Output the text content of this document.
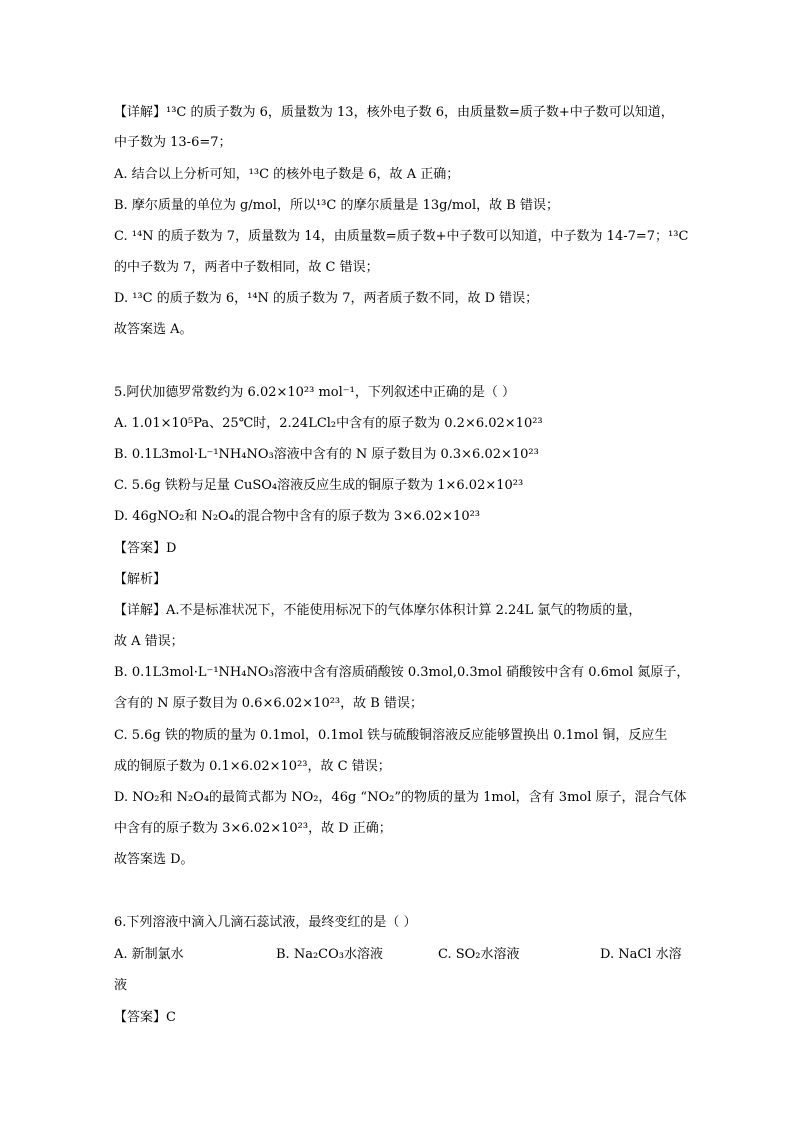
【详解】¹³C 的质子数为 6，质量数为 13，核外电子数 6，由质量数=质子数+中子数可以知道，
中子数为 13-6=7；
A. 结合以上分析可知，¹³C 的核外电子数是 6，故 A 正确；
B. 摩尔质量的单位为 g/mol，所以¹³C 的摩尔质量是 13g/mol，故 B 错误；
C. ¹⁴N 的质子数为 7，质量数为 14，由质量数=质子数+中子数可以知道，中子数为 14-7=7；¹³C
的中子数为 7，两者中子数相同，故 C 错误；
D. ¹³C 的质子数为 6，¹⁴N 的质子数为 7，两者质子数不同，故 D 错误；
故答案选 A。
5.阿伏加德罗常数约为 6.02×10²³ mol⁻¹，下列叙述中正确的是（ ）
A. 1.01×10⁵Pa、25℃时，2.24LCl₂中含有的原子数为 0.2×6.02×10²³
B. 0.1L3mol·L⁻¹NH₄NO₃溶液中含有的 N 原子数目为 0.3×6.02×10²³
C. 5.6g 铁粉与足量 CuSO₄溶液反应生成的铜原子数为 1×6.02×10²³
D. 46gNO₂和 N₂O₄的混合物中含有的原子数为 3×6.02×10²³
【答案】D
【解析】
【详解】A.不是标准状况下，不能使用标况下的气体摩尔体积计算 2.24L 氯气的物质的量，
故 A 错误；
B. 0.1L3mol·L⁻¹NH₄NO₃溶液中含有溶质硝酸铵 0.3mol,0.3mol 硝酸铵中含有 0.6mol 氮原子，
含有的 N 原子数目为 0.6×6.02×10²³，故 B 错误；
C. 5.6g 铁的物质的量为 0.1mol，0.1mol 铁与硫酸铜溶液反应能够置换出 0.1mol 铜，反应生
成的铜原子数为 0.1×6.02×10²³，故 C 错误；
D. NO₂和 N₂O₄的最简式都为 NO₂，46g “NO₂”的物质的量为 1mol，含有 3mol 原子，混合气体
中含有的原子数为 3×6.02×10²³，故 D 正确；
故答案选 D。
6.下列溶液中滴入几滴石蕊试液，最终变红的是（ ）
A. 新制氯水	B. Na₂CO₃水溶液	C. SO₂水溶液	D. NaCl 水溶
液
【答案】C
